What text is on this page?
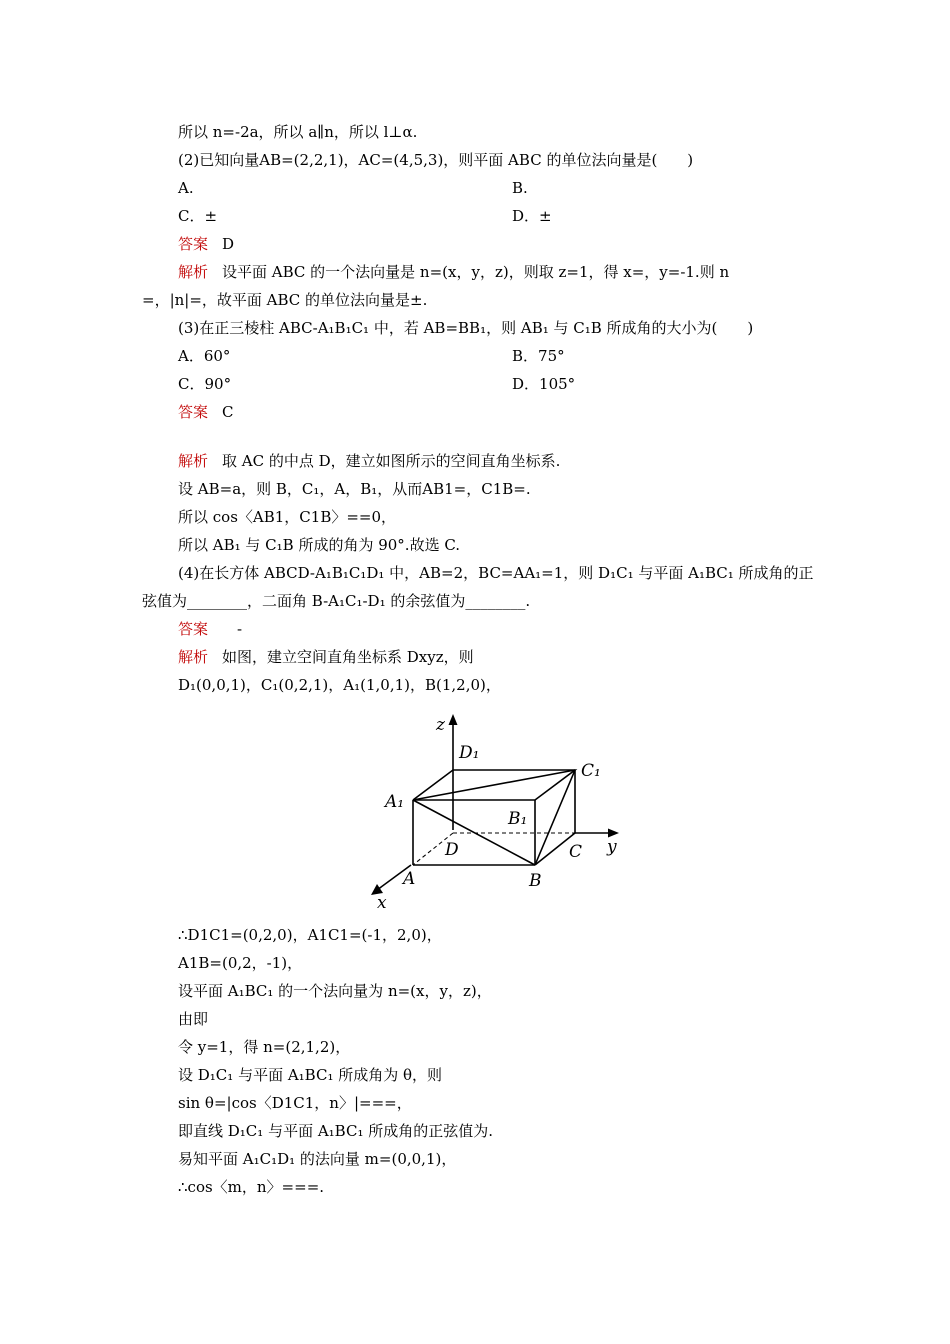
所以 n=-2a，所以 a∥n，所以 l⊥α.
(2)已知向量AB=(2,2,1)，AC=(4,5,3)，则平面 ABC 的单位法向量是(　　)
A.	B.
C．±	D．±
答案 D
解析 设平面 ABC 的一个法向量是 n=(x，y，z)，则取 z=1，得 x=，y=-1.则 n
=，|n|=，故平面 ABC 的单位法向量是±.
(3)在正三棱柱 ABC-A₁B₁C₁ 中，若 AB=BB₁，则 AB₁ 与 C₁B 所成角的大小为(　　)
A．60°	B．75°
C．90°	D．105°
答案 C
解析 取 AC 的中点 D，建立如图所示的空间直角坐标系.
设 AB=a，则 B，C₁，A，B₁，从而AB1=，C1B=.
所以 cos〈AB1，C1B〉==0，
所以 AB₁ 与 C₁B 所成的角为 90°.故选 C.
(4)在长方体 ABCD-A₁B₁C₁D₁ 中，AB=2，BC=AA₁=1，则 D₁C₁ 与平面 A₁BC₁ 所成角的正
弦值为________，二面角 B-A₁C₁-D₁ 的余弦值为________.
答案　-
解析 如图，建立空间直角坐标系 Dxyz，则
D₁(0,0,1)，C₁(0,2,1)，A₁(1,0,1)，B(1,2,0)，
z
y
x
D₁
C₁
A₁
B₁
D	C
A	B
∴D1C1=(0,2,0)，A1C1=(-1，2,0)，
A1B=(0,2，-1)，
设平面 A₁BC₁ 的一个法向量为 n=(x，y，z)，
由即
令 y=1，得 n=(2,1,2)，
设 D₁C₁ 与平面 A₁BC₁ 所成角为 θ，则
sin θ=|cos〈D1C1，n〉|===，
即直线 D₁C₁ 与平面 A₁BC₁ 所成角的正弦值为.
易知平面 A₁C₁D₁ 的法向量 m=(0,0,1)，
∴cos〈m，n〉===.
